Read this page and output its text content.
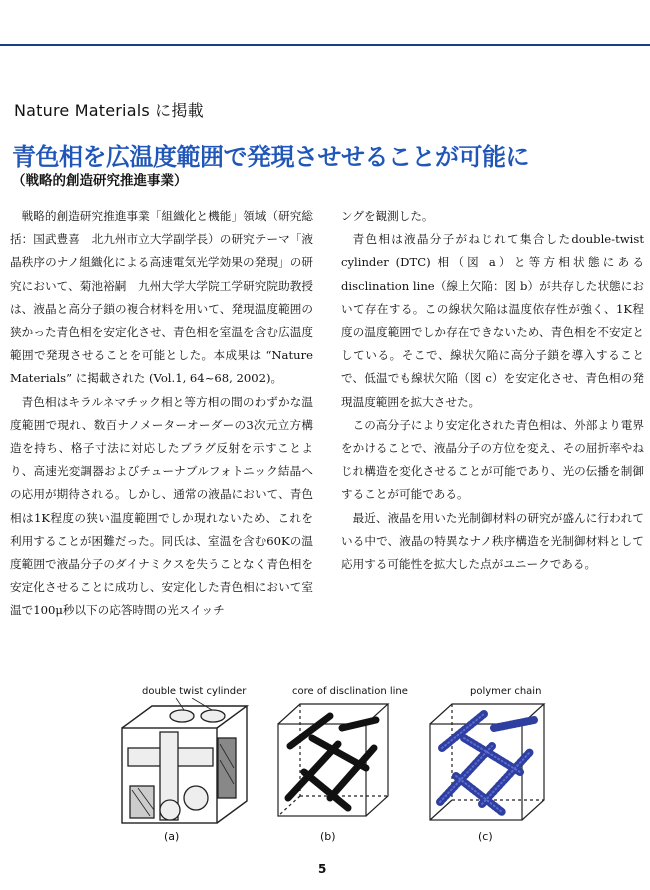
Nature Materials に掲載
青色相を広温度範囲で発現させせることが可能に
（戦略的創造研究推進事業）

戦略的創造研究推進事業「組織化と機能」領域（研究総括：国武豊喜　北九州市立大学副学長）の研究テーマ「液晶秩序のナノ組織化による高速電気光学効果の発現」の研究において、菊池裕嗣　九州大学大学院工学研究院助教授は、液晶と高分子鎖の複合材料を用いて、発現温度範囲の狭かった青色相を安定化させ、青色相を室温を含む広温度範囲で発現させることを可能とした。本成果は “Nature Materials” に掲載された (Vol.1, 64~68, 2002)。

青色相はキラルネマチック相と等方相の間のわずかな温度範囲で現れ、数百ナノメーターオーダーの3次元立方構造を持ち、格子寸法に対応したブラグ反射を示すことより、高速光変調器およびチューナブルフォトニック結晶への応用が期待される。しかし、通常の液晶において、青色相は1K程度の狭い温度範囲でしか現れないため、これを利用することが困難だった。同氏は、室温を含む60Kの温度範囲で液晶分子のダイナミクスを失うことなく青色相を安定化させることに成功し、安定化した青色相において室温で100μ秒以下の応答時間の光スイッチ

ングを観測した。

青色相は液晶分子がねじれて集合したdouble-twist cylinder (DTC) 相（図 a）と等方相状態にあるdisclination line（線上欠陥：図 b）が共存した状態において存在する。この線状欠陥は温度依存性が強く、1K程度の温度範囲でしか存在できないため、青色相を不安定としている。そこで、線状欠陥に高分子鎖を導入することで、低温でも線状欠陥（図 c）を安定化させ、青色相の発現温度範囲を拡大させた。

この高分子により安定化された青色相は、外部より電界をかけることで、液晶分子の方位を変え、その屈折率やねじれ構造を変化させることが可能であり、光の伝播を制御することが可能である。

最近、液晶を用いた光制御材料の研究が盛んに行われている中で、液晶の特異なナノ秩序構造を光制御材料として応用する可能性を拡大した点がユニークである。

double twist cylinder	core of disclination line	polymer chain
(a)	(b)	(c)
5
